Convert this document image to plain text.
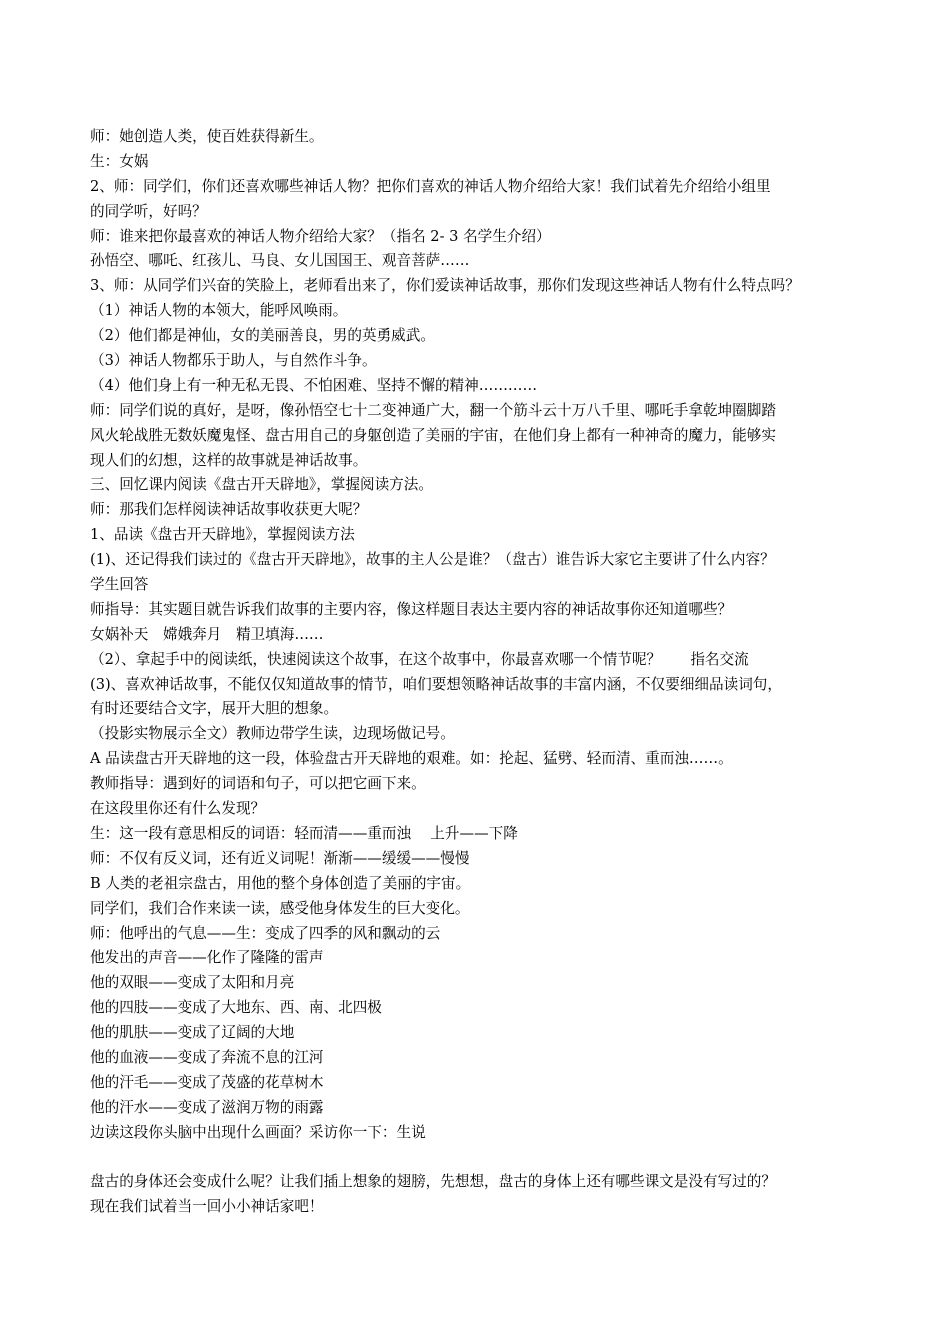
师：她创造人类，使百姓获得新生。
生：女娲
2、师：同学们，你们还喜欢哪些神话人物？把你们喜欢的神话人物介绍给大家！我们试着先介绍给小组里
的同学听，好吗？
师：谁来把你最喜欢的神话人物介绍给大家？（指名 2- 3 名学生介绍）
孙悟空、哪吒、红孩儿、马良、女儿国国王、观音菩萨……
3、师：从同学们兴奋的笑脸上，老师看出来了，你们爱读神话故事，那你们发现这些神话人物有什么特点吗？
（1）神话人物的本领大，能呼风唤雨。
（2）他们都是神仙，女的美丽善良，男的英勇威武。
（3）神话人物都乐于助人，与自然作斗争。
（4）他们身上有一种无私无畏、不怕困难、坚持不懈的精神…………
师：同学们说的真好，是呀，像孙悟空七十二变神通广大，翻一个筋斗云十万八千里、哪吒手拿乾坤圈脚踏
风火轮战胜无数妖魔鬼怪、盘古用自己的身躯创造了美丽的宇宙，在他们身上都有一种神奇的魔力，能够实
现人们的幻想，这样的故事就是神话故事。
三、回忆课内阅读《盘古开天辟地》，掌握阅读方法。
师：那我们怎样阅读神话故事收获更大呢？
1、品读《盘古开天辟地》，掌握阅读方法
(1)、还记得我们读过的《盘古开天辟地》，故事的主人公是谁？（盘古）谁告诉大家它主要讲了什么内容？
学生回答
师指导：其实题目就告诉我们故事的主要内容，像这样题目表达主要内容的神话故事你还知道哪些？
女娲补天　嫦娥奔月　精卫填海……
（2）、拿起手中的阅读纸，快速阅读这个故事，在这个故事中，你最喜欢哪一个情节呢？　　指名交流
(3)、喜欢神话故事，不能仅仅知道故事的情节，咱们要想领略神话故事的丰富内涵，不仅要细细品读词句，
有时还要结合文字，展开大胆的想象。
（投影实物展示全文）教师边带学生读，边现场做记号。
A 品读盘古开天辟地的这一段，体验盘古开天辟地的艰难。如：抡起、猛劈、轻而清、重而浊……。
教师指导：遇到好的词语和句子，可以把它画下来。
在这段里你还有什么发现？
生：这一段有意思相反的词语：轻而清——重而浊　 上升——下降
师：不仅有反义词，还有近义词呢！渐渐——缓缓——慢慢
B 人类的老祖宗盘古，用他的整个身体创造了美丽的宇宙。
同学们，我们合作来读一读，感受他身体发生的巨大变化。
师：他呼出的气息——生：变成了四季的风和飘动的云
他发出的声音——化作了隆隆的雷声
他的双眼——变成了太阳和月亮
他的四肢——变成了大地东、西、南、北四极
他的肌肤——变成了辽阔的大地
他的血液——变成了奔流不息的江河
他的汗毛——变成了茂盛的花草树木
他的汗水——变成了滋润万物的雨露
边读这段你头脑中出现什么画面？采访你一下：生说
盘古的身体还会变成什么呢？让我们插上想象的翅膀，先想想，盘古的身体上还有哪些课文是没有写过的？
现在我们试着当一回小小神话家吧！
